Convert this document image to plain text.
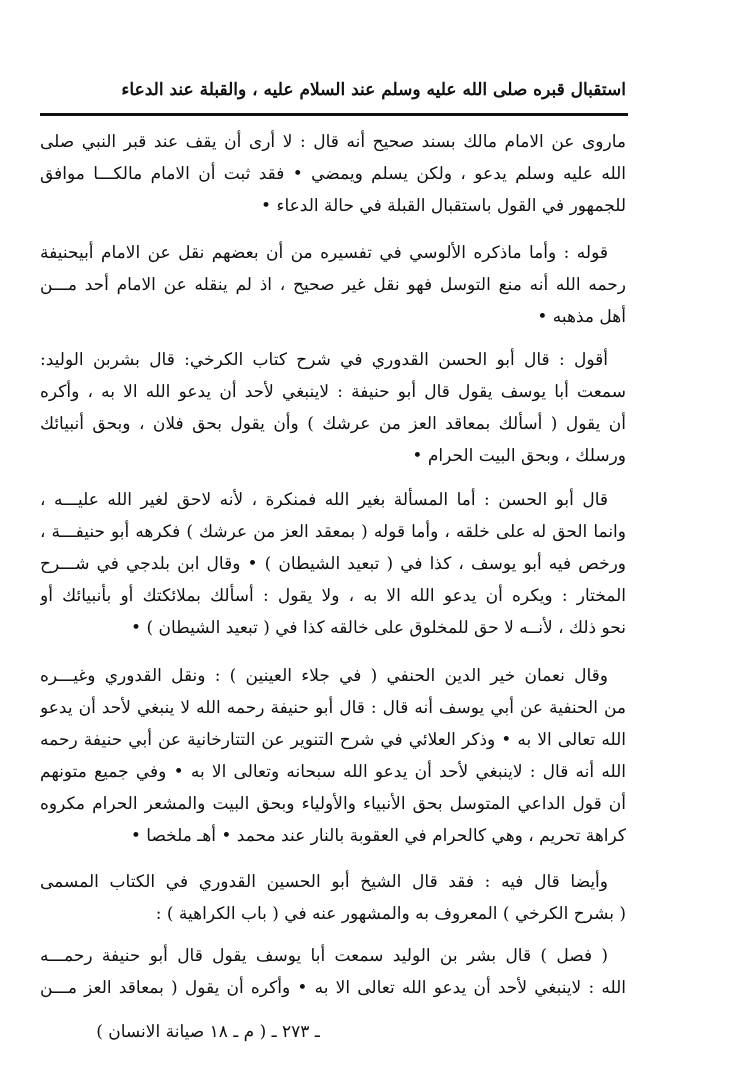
استقبال قبره صلى الله عليه وسلم عند السلام عليه ، والقبلة عند الدعاء
ماروى عن الامام مالك بسند صحيح أنه قال : لا أرى أن يقف عند قبر النبي صلى
الله عليه وسلم يدعو ، ولكن يسلم ويمضي • فقد ثبت أن الامام مالكـــا موافق
للجمهور في القول باستقبال القبلة في حالة الدعاء •
قوله : وأما ماذكره الألوسي في تفسيره من أن بعضهم نقل عن الامام أبيحنيفة
رحمه الله أنه منع التوسل فهو نقل غير صحيح ، اذ لم ينقله عن الامام أحد مـــن
أهل مذهبه •
أقول : قال أبو الحسن القدوري في شرح كتاب الكرخي: قال بشربن الوليد:
سمعت أبا يوسف يقول قال أبو حنيفة : لاينبغي لأحد أن يدعو الله الا به ، وأكره
أن يقول ( أسألك بمعاقد العز من عرشك ) وأن يقول بحق فلان ، وبحق أنبيائك
ورسلك ، وبحق البيت الحرام •
قال أبو الحسن : أما المسألة بغير الله فمنكرة ، لأنه لاحق لغير الله عليـــه ،
وانما الحق له على خلقه ، وأما قوله ( بمعقد العز من عرشك ) فكرهه أبو حنيفـــة ،
ورخص فيه أبو يوسف ، كذا في ( تبعيد الشيطان ) • وقال ابن بلدجي في شـــرح
المختار : ويكره أن يدعو الله الا به ، ولا يقول : أسألك بملائكتك أو بأنبيائك أو
نحو ذلك ، لأنــه لا حق للمخلوق على خالقه كذا في ( تبعيد الشيطان ) •
وقال نعمان خير الدين الحنفي ( في جلاء العينين ) : ونقل القدوري وغيـــره
من الحنفية عن أبي يوسف أنه قال : قال أبو حنيفة رحمه الله لا ينبغي لأحد أن يدعو
الله تعالى الا به • وذكر العلائي في شرح التنوير عن التتارخانية عن أبي حنيفة رحمه
الله أنه قال : لاينبغي لأحد أن يدعو الله سبحانه وتعالى الا به • وفي جميع متونهم
أن قول الداعي المتوسل بحق الأنبياء والأولياء وبحق البيت والمشعر الحرام مكروه
كراهة تحريم ، وهي كالحرام في العقوبة بالنار عند محمد • أهـ ملخصا •
وأيضا قال فيه : فقد قال الشيخ أبو الحسين القدوري في الكتاب المسمى
( بشرح الكرخي ) المعروف به والمشهور عنه في ( باب الكراهية ) :
( فصل ) قال بشر بن الوليد سمعت أبا يوسف يقول قال أبو حنيفة رحمـــه
الله : لاينبغي لأحد أن يدعو الله تعالى الا به • وأكره أن يقول ( بمعاقد العز مـــن
ـ ٢٧٣ ـ ( م ـ ١٨ صيانة الانسان )
